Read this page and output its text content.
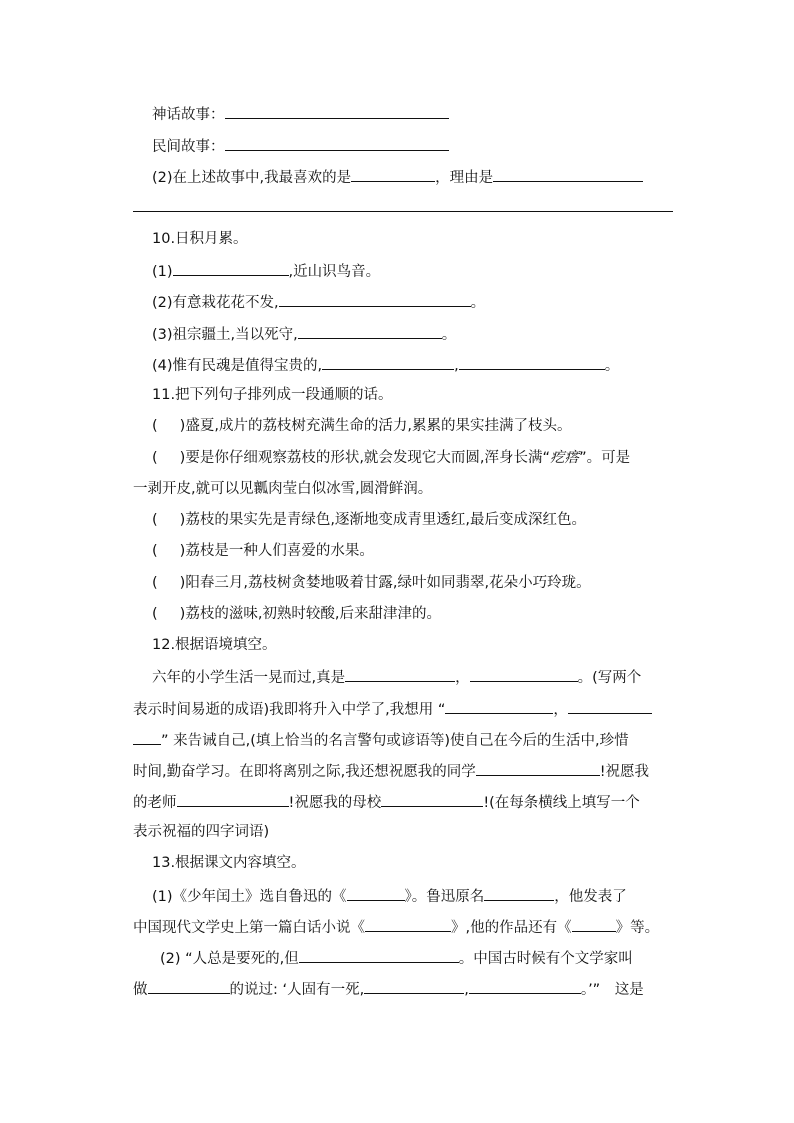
神话故事：
民间故事：
(2)在上述故事中,我最喜欢的是	，理由是
10.日积月累。
(1)	,近山识鸟音。
(2)有意栽花花不发,	。
(3)祖宗疆土,当以死守,	。
(4)惟有民魂是值得宝贵的,	,	。
11.把下列句子排列成一段通顺的话。
( )盛夏,成片的荔枝树充满生命的活力,累累的果实挂满了枝头。
( )要是你仔细观察荔枝的形状,就会发现它大而圆,浑身长满“疙瘩”。可是
一剥开皮,就可以见瓤肉莹白似冰雪,圆滑鲜润。
( )荔枝的果实先是青绿色,逐渐地变成青里透红,最后变成深红色。
( )荔枝是一种人们喜爱的水果。
( )阳春三月,荔枝树贪婪地吸着甘露,绿叶如同翡翠,花朵小巧玲珑。
( )荔枝的滋味,初熟时较酸,后来甜津津的。
12.根据语境填空。
六年的小学生活一晃而过,真是	，	。(写两个
表示时间易逝的成语)我即将升入中学了,我想用 “	，
” 来告诫自己,(填上恰当的名言警句或谚语等)使自己在今后的生活中,珍惜
时间,勤奋学习。在即将离别之际,我还想祝愿我的同学	!祝愿我
的老师	!祝愿我的母校	!(在每条横线上填写一个
表示祝福的四字词语)
13.根据课文内容填空。
(1)《少年闰土》选自鲁迅的《	》。鲁迅原名	，他发表了
中国现代文学史上第一篇白话小说《	》,他的作品还有《	》等。
(2) “人总是要死的,但	。中国古时候有个文学家叫
做	的说过: ‘人固有一死,	,	。’”　这是
